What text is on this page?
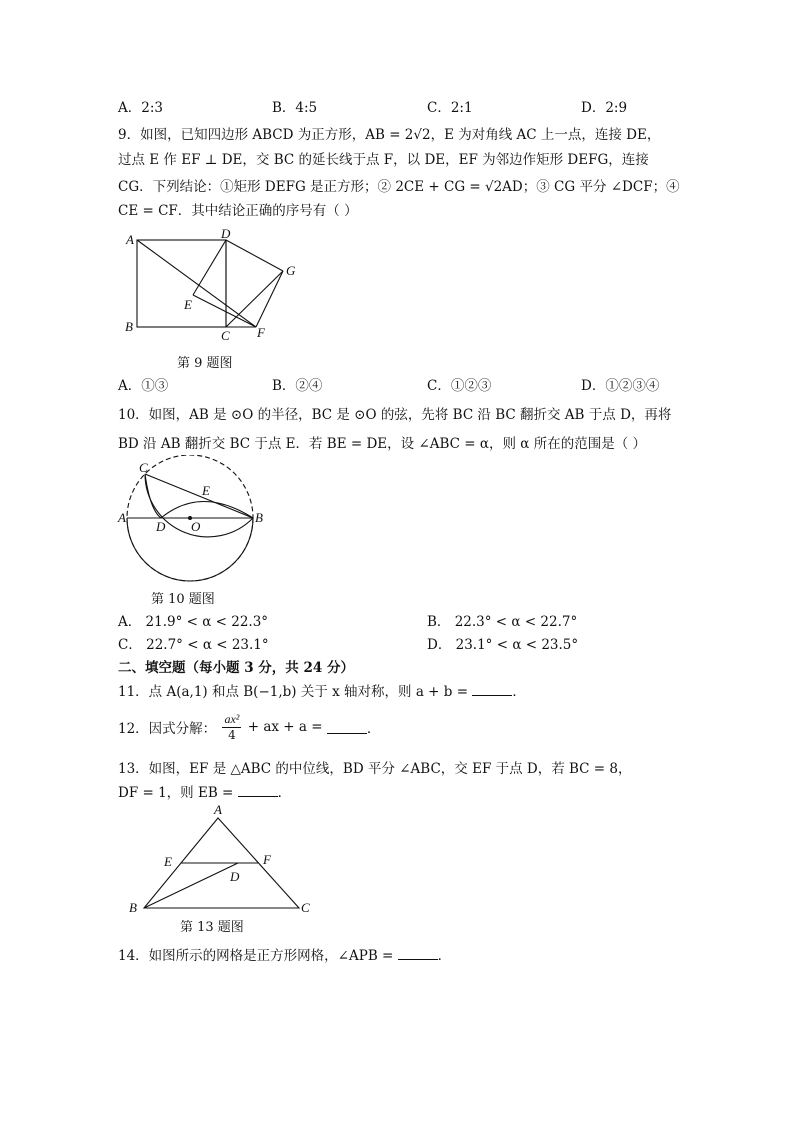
A．2:3	B．4:5	C．2:1	D．2:9
9．如图，已知四边形 ABCD 为正方形，AB = 2√2，E 为对角线 AC 上一点，连接 DE，
过点 E 作 EF ⊥ DE，交 BC 的延长线于点 F，以 DE，EF 为邻边作矩形 DEFG，连接
CG．下列结论：①矩形 DEFG 是正方形；② 2CE + CG = √2AD；③ CG 平分 ∠DCF；④
CE = CF．其中结论正确的序号有（ ）
A	D
G
E
B
C F
第 9 题图
A．①③	B．②④	C．①②③	D．①②③④
10．如图，AB 是 ⊙O 的半径，BC 是 ⊙O 的弦，先将 BC 沿 BC 翻折交 AB 于点 D，再将
BD 沿 AB 翻折交 BC 于点 E．若 BE = DE，设 ∠ABC = α，则 α 所在的范围是（ ）
C
E
A
D O
B
第 10 题图
A． 21.9° < α < 22.3°	B． 22.3° < α < 22.7°
C． 22.7° < α < 23.1°	D． 23.1° < α < 23.5°
二、填空题（每小题 3 分，共 24 分）
11．点 A(a,1) 和点 B(−1,b) 关于 x 轴对称，则 a + b =	．
12．因式分解： $\frac{\text{ax²}}{4}$ + ax + a =	．
13．如图，EF 是 △ABC 的中位线，BD 平分 ∠ABC，交 EF 于点 D，若 BC = 8，
DF = 1，则 EB =	．
A
E	F
D
B	C
第 13 题图
14．如图所示的网格是正方形网格，∠APB =	．
